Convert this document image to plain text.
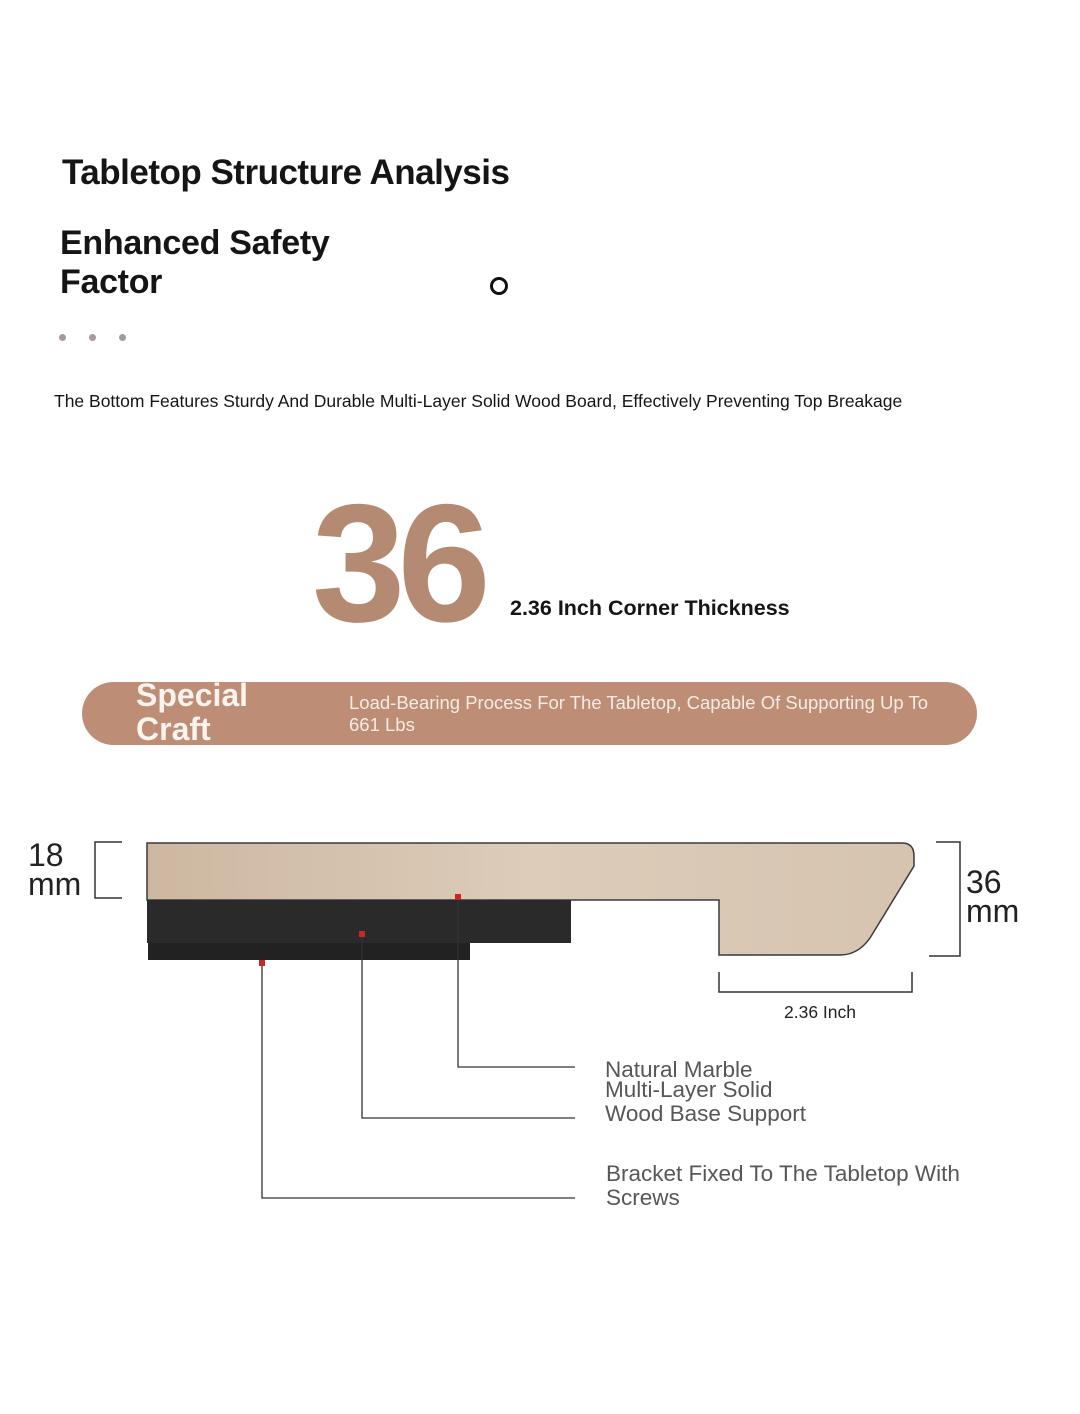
Tabletop Structure Analysis
Enhanced Safety
Factor
The Bottom Features Sturdy And Durable Multi-Layer Solid Wood Board, Effectively Preventing Top Breakage
36 2.36 Inch Corner Thickness
Special
Craft
Load-Bearing Process For The Tabletop, Capable Of Supporting Up To 661 Lbs
18
mm	36
mm
2.36 Inch
Natural Marble
Multi-Layer Solid
Wood Base Support
Bracket Fixed To The Tabletop With
Screws
